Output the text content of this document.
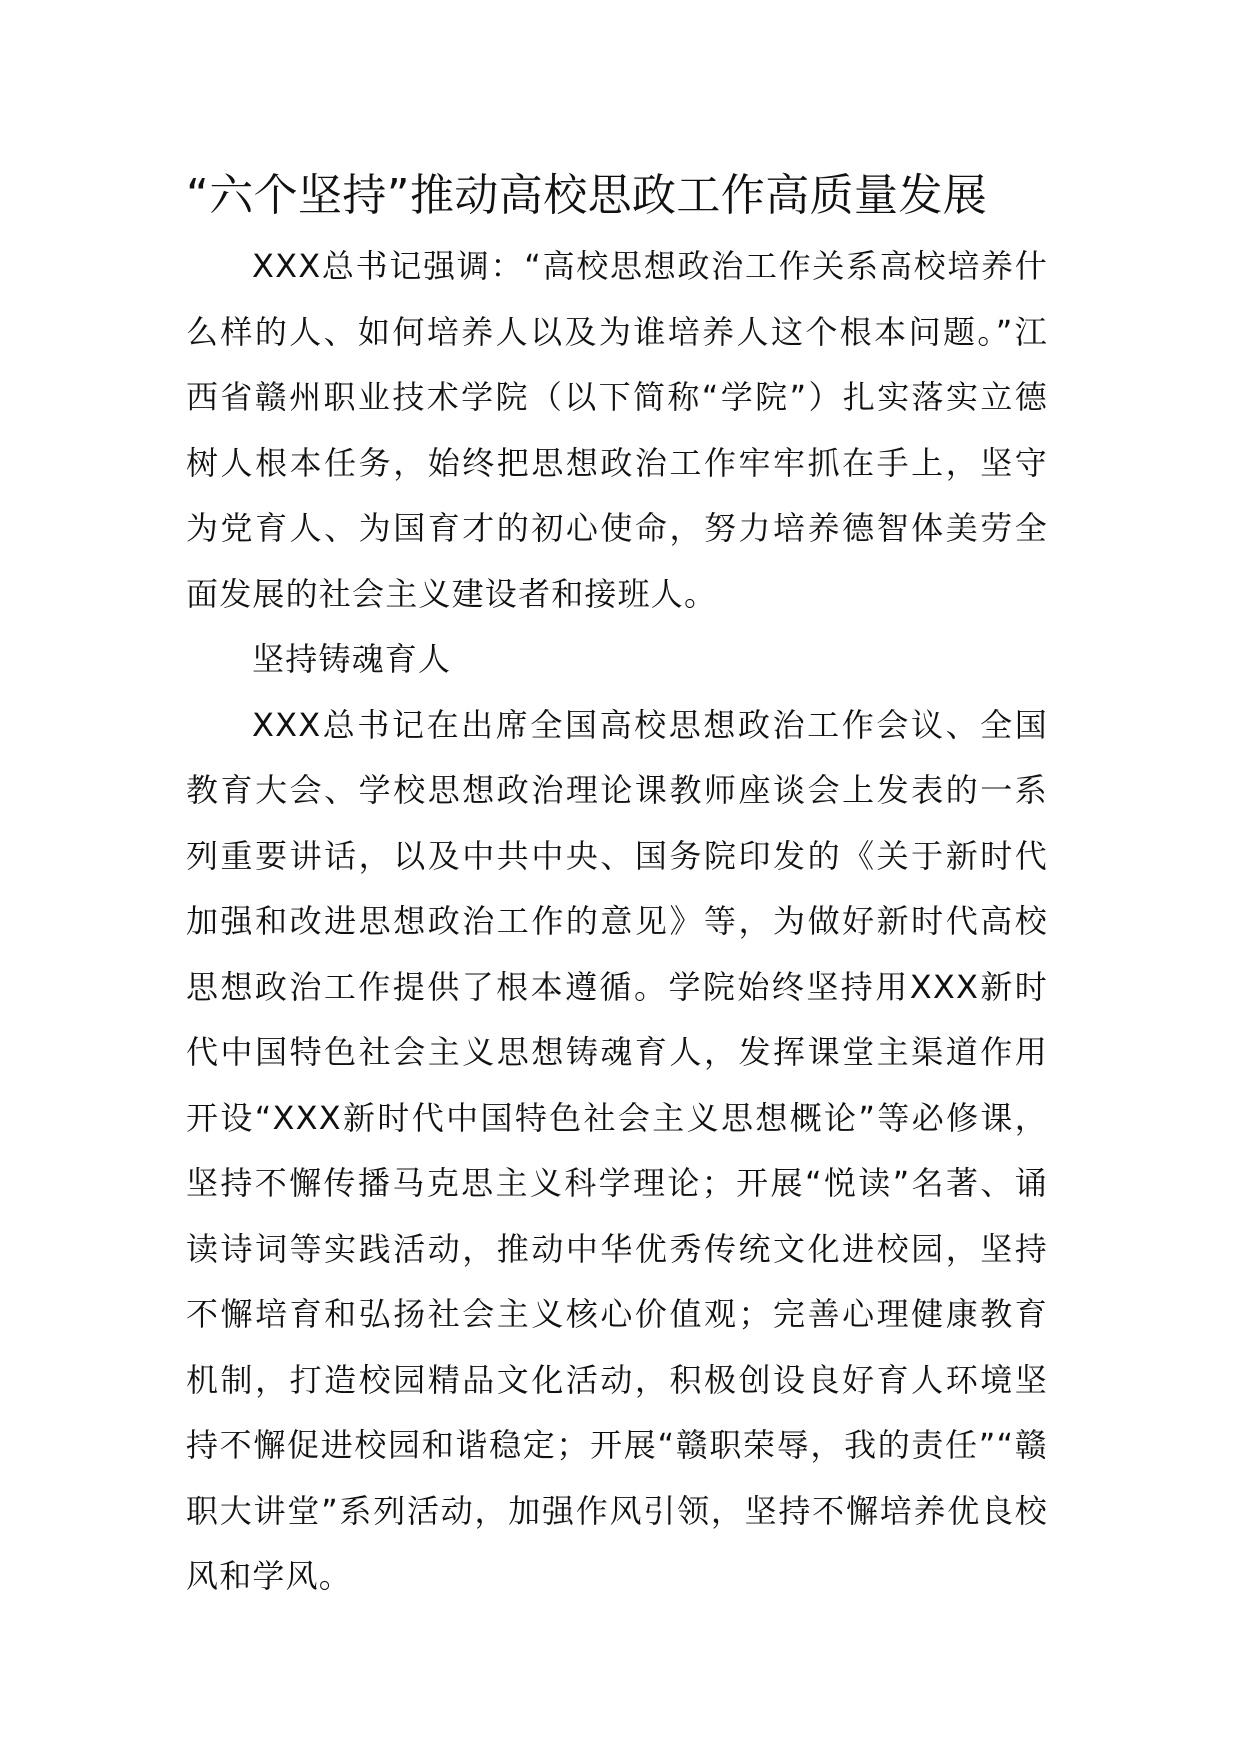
“六个坚持”推动高校思政工作高质量发展

XXX总书记强调：“高校思想政治工作关系高校培养什么样的人、如何培养人以及为谁培养人这个根本问题。”江西省赣州职业技术学院（以下简称“学院”）扎实落实立德树人根本任务，始终把思想政治工作牢牢抓在手上，坚守为党育人、为国育才的初心使命，努力培养德智体美劳全面发展的社会主义建设者和接班人。

坚持铸魂育人

XXX总书记在出席全国高校思想政治工作会议、全国教育大会、学校思想政治理论课教师座谈会上发表的一系列重要讲话，以及中共中央、国务院印发的《关于新时代加强和改进思想政治工作的意见》等，为做好新时代高校思想政治工作提供了根本遵循。学院始终坚持用XXX新时代中国特色社会主义思想铸魂育人，发挥课堂主渠道作用开设“XXX新时代中国特色社会主义思想概论”等必修课，坚持不懈传播马克思主义科学理论；开展“悦读”名著、诵读诗词等实践活动，推动中华优秀传统文化进校园，坚持不懈培育和弘扬社会主义核心价值观；完善心理健康教育机制，打造校园精品文化活动，积极创设良好育人环境坚持不懈促进校园和谐稳定；开展“赣职荣辱，我的责任”“赣职大讲堂”系列活动，加强作风引领，坚持不懈培养优良校风和学风。
